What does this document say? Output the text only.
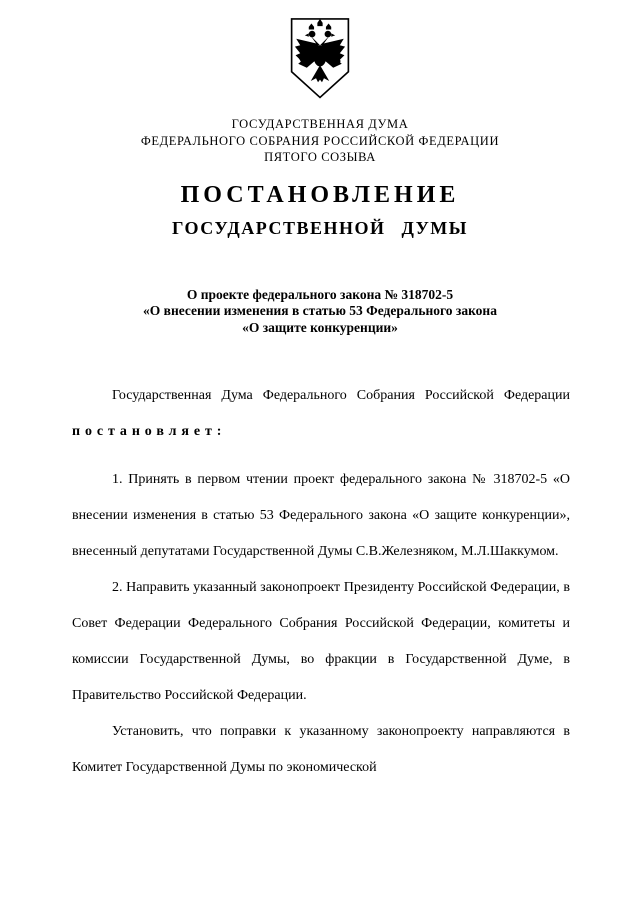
ГОСУДАРСТВЕННАЯ ДУМА
ФЕДЕРАЛЬНОГО СОБРАНИЯ РОССИЙСКОЙ ФЕДЕРАЦИИ
ПЯТОГО СОЗЫВА
ПОСТАНОВЛЕНИЕ
ГОСУДАРСТВЕННОЙ ДУМЫ
О проекте федерального закона № 318702-5
«О внесении изменения в статью 53 Федерального закона
«О защите конкуренции»

Государственная Дума Федерального Собрания Российской Федерации постановляет:

1. Принять в первом чтении проект федерального закона № 318702-5 «О внесении изменения в статью 53 Федерального закона «О защите конкуренции», внесенный депутатами Государственной Думы С.В.Железняком, М.Л.Шаккумом.

2. Направить указанный законопроект Президенту Российской Федерации, в Совет Федерации Федерального Собрания Российской Федерации, комитеты и комиссии Государственной Думы, во фракции в Государственной Думе, в Правительство Российской Федерации.

Установить, что поправки к указанному законопроекту направляются в Комитет Государственной Думы по экономической
